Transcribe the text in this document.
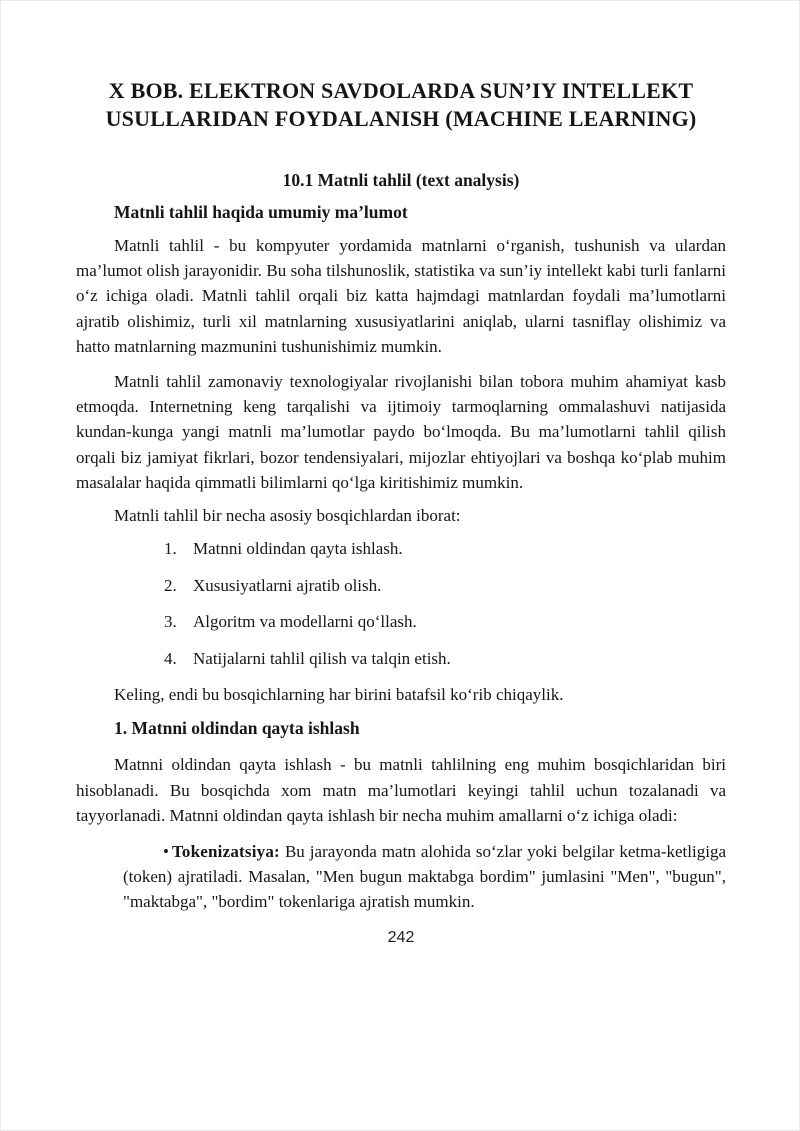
X BOB. ELEKTRON SAVDOLARDA SUN’IY INTELLEKT
USULLARIDAN FOYDALANISH (MACHINE LEARNING)
10.1 Matnli tahlil (text analysis)
Matnli tahlil haqida umumiy ma’lumot

Matnli tahlil - bu kompyuter yordamida matnlarni oʻrganish, tushunish va ulardan ma’lumot olish jarayonidir. Bu soha tilshunoslik, statistika va sun’iy intellekt kabi turli fanlarni oʻz ichiga oladi. Matnli tahlil orqali biz katta hajmdagi matnlardan foydali ma’lumotlarni ajratib olishimiz, turli xil matnlarning xususiyatlarini aniqlab, ularni tasniflay olishimiz va hatto matnlarning mazmunini tushunishimiz mumkin.

Matnli tahlil zamonaviy texnologiyalar rivojlanishi bilan tobora muhim ahamiyat kasb etmoqda. Internetning keng tarqalishi va ijtimoiy tarmoqlarning ommalashuvi natijasida kundan-kunga yangi matnli ma’lumotlar paydo boʻlmoqda. Bu ma’lumotlarni tahlil qilish orqali biz jamiyat fikrlari, bozor tendensiyalari, mijozlar ehtiyojlari va boshqa koʻplab muhim masalalar haqida qimmatli bilimlarni qoʻlga kiritishimiz mumkin.

Matnli tahlil bir necha asosiy bosqichlardan iborat:

1. Matnni oldindan qayta ishlash.
2. Xususiyatlarni ajratib olish.
3. Algoritm va modellarni qoʻllash.
4. Natijalarni tahlil qilish va talqin etish.

Keling, endi bu bosqichlarning har birini batafsil koʻrib chiqaylik.

1. Matnni oldindan qayta ishlash

Matnni oldindan qayta ishlash - bu matnli tahlilning eng muhim bosqichlaridan biri hisoblanadi. Bu bosqichda xom matn ma’lumotlari keyingi tahlil uchun tozalanadi va tayyorlanadi. Matnni oldindan qayta ishlash bir necha muhim amallarni oʻz ichiga oladi:

• Tokenizatsiya: Bu jarayonda matn alohida soʻzlar yoki belgilar ketma-ketligiga (token) ajratiladi. Masalan, "Men bugun maktabga bordim" jumlasini "Men", "bugun", "maktabga", "bordim" tokenlariga ajratish mumkin.

242
